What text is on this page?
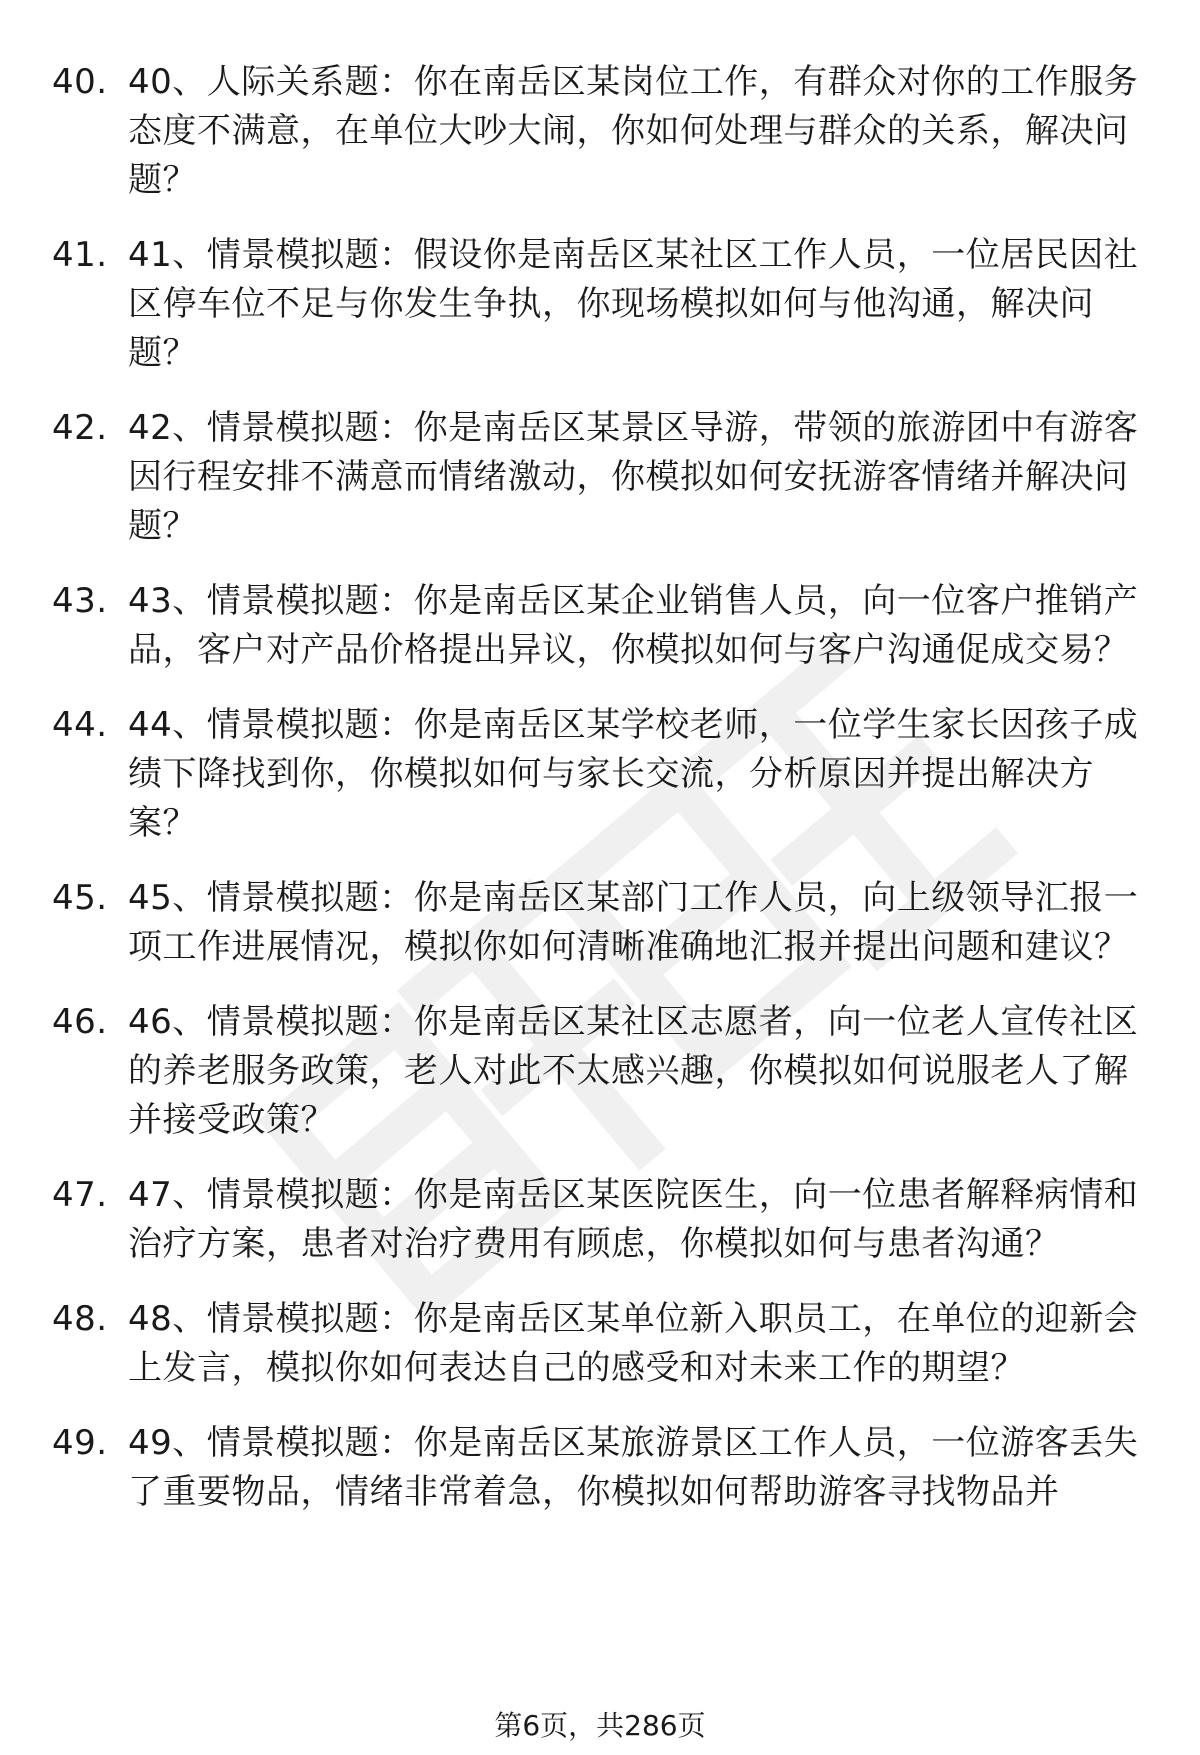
40. 40、人际关系题：你在南岳区某岗位工作，有群众对你的工作服务态度不满意，在单位大吵大闹，你如何处理与群众的关系，解决问题？
41. 41、情景模拟题：假设你是南岳区某社区工作人员，一位居民因社区停车位不足与你发生争执，你现场模拟如何与他沟通，解决问题？
42. 42、情景模拟题：你是南岳区某景区导游，带领的旅游团中有游客因行程安排不满意而情绪激动，你模拟如何安抚游客情绪并解决问题？
43. 43、情景模拟题：你是南岳区某企业销售人员，向一位客户推销产品，客户对产品价格提出异议，你模拟如何与客户沟通促成交易？
44. 44、情景模拟题：你是南岳区某学校老师，一位学生家长因孩子成绩下降找到你，你模拟如何与家长交流，分析原因并提出解决方案？
45. 45、情景模拟题：你是南岳区某部门工作人员，向上级领导汇报一项工作进展情况，模拟你如何清晰准确地汇报并提出问题和建议？
46. 46、情景模拟题：你是南岳区某社区志愿者，向一位老人宣传社区的养老服务政策，老人对此不太感兴趣，你模拟如何说服老人了解并接受政策？
47. 47、情景模拟题：你是南岳区某医院医生，向一位患者解释病情和治疗方案，患者对治疗费用有顾虑，你模拟如何与患者沟通？
48. 48、情景模拟题：你是南岳区某单位新入职员工，在单位的迎新会上发言，模拟你如何表达自己的感受和对未来工作的期望？
49. 49、情景模拟题：你是南岳区某旅游景区工作人员，一位游客丢失了重要物品，情绪非常着急，你模拟如何帮助游客寻找物品并
第6页，共286页
